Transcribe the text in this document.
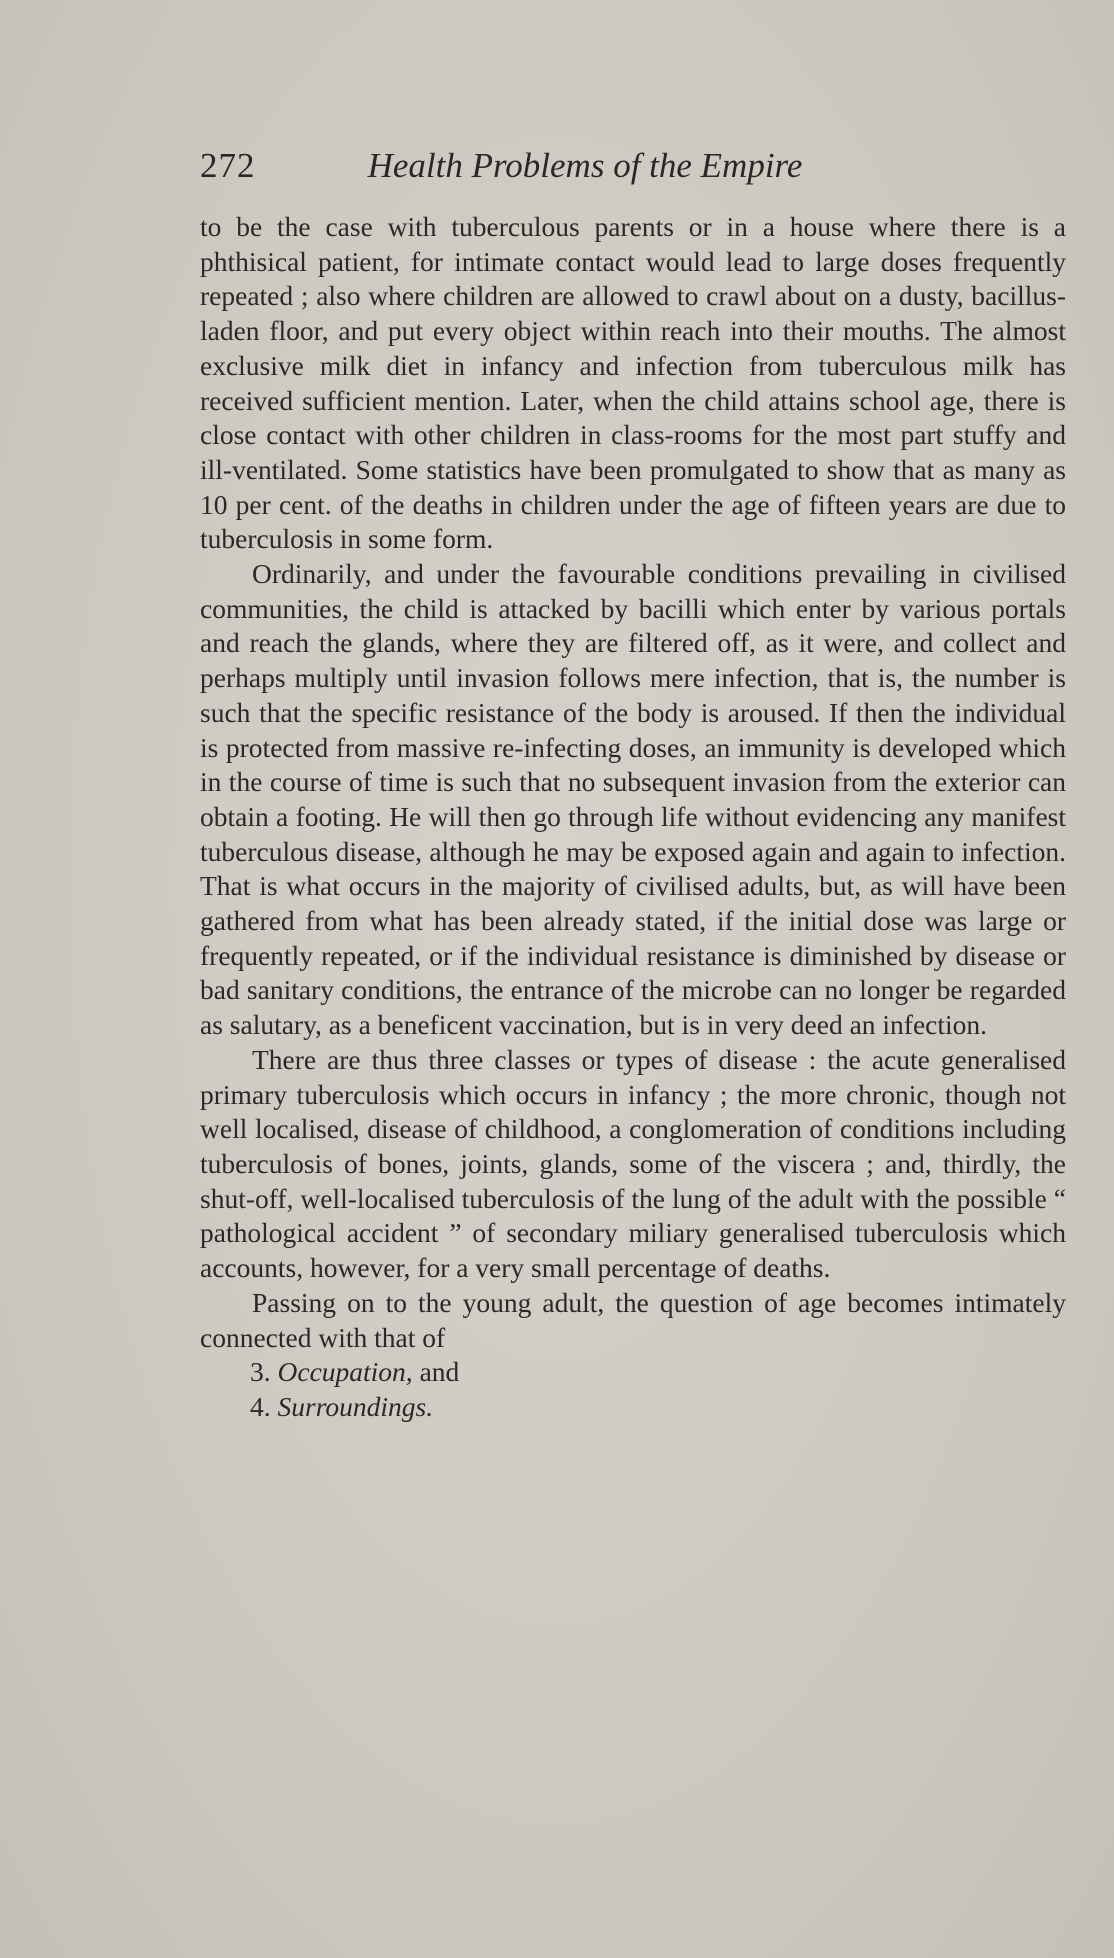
272	Health Problems of the Empire

to be the case with tuberculous parents or in a house where there is a phthisical patient, for intimate contact would lead to large doses frequently repeated ; also where children are allowed to crawl about on a dusty, bacillus-laden floor, and put every object within reach into their mouths. The almost exclusive milk diet in infancy and infection from tuberculous milk has received sufficient mention. Later, when the child attains school age, there is close contact with other children in class-rooms for the most part stuffy and ill-ventilated. Some statistics have been promulgated to show that as many as 10 per cent. of the deaths in children under the age of fifteen years are due to tuberculosis in some form.

Ordinarily, and under the favourable conditions prevailing in civilised communities, the child is attacked by bacilli which enter by various portals and reach the glands, where they are filtered off, as it were, and collect and perhaps multiply until invasion follows mere infection, that is, the number is such that the specific resistance of the body is aroused. If then the individual is protected from massive re-infecting doses, an immunity is developed which in the course of time is such that no subsequent invasion from the exterior can obtain a footing. He will then go through life without evidencing any manifest tuberculous disease, although he may be exposed again and again to infection. That is what occurs in the majority of civilised adults, but, as will have been gathered from what has been already stated, if the initial dose was large or frequently repeated, or if the individual resistance is diminished by disease or bad sanitary conditions, the entrance of the microbe can no longer be regarded as salutary, as a beneficent vaccination, but is in very deed an infection.

There are thus three classes or types of disease : the acute generalised primary tuberculosis which occurs in infancy ; the more chronic, though not well localised, disease of childhood, a conglomeration of conditions including tuberculosis of bones, joints, glands, some of the viscera ; and, thirdly, the shut-off, well-localised tuberculosis of the lung of the adult with the possible “ pathological accident ” of secondary miliary generalised tuberculosis which accounts, however, for a very small percentage of deaths.

Passing on to the young adult, the question of age becomes intimately connected with that of

3. Occupation, and
4. Surroundings.
